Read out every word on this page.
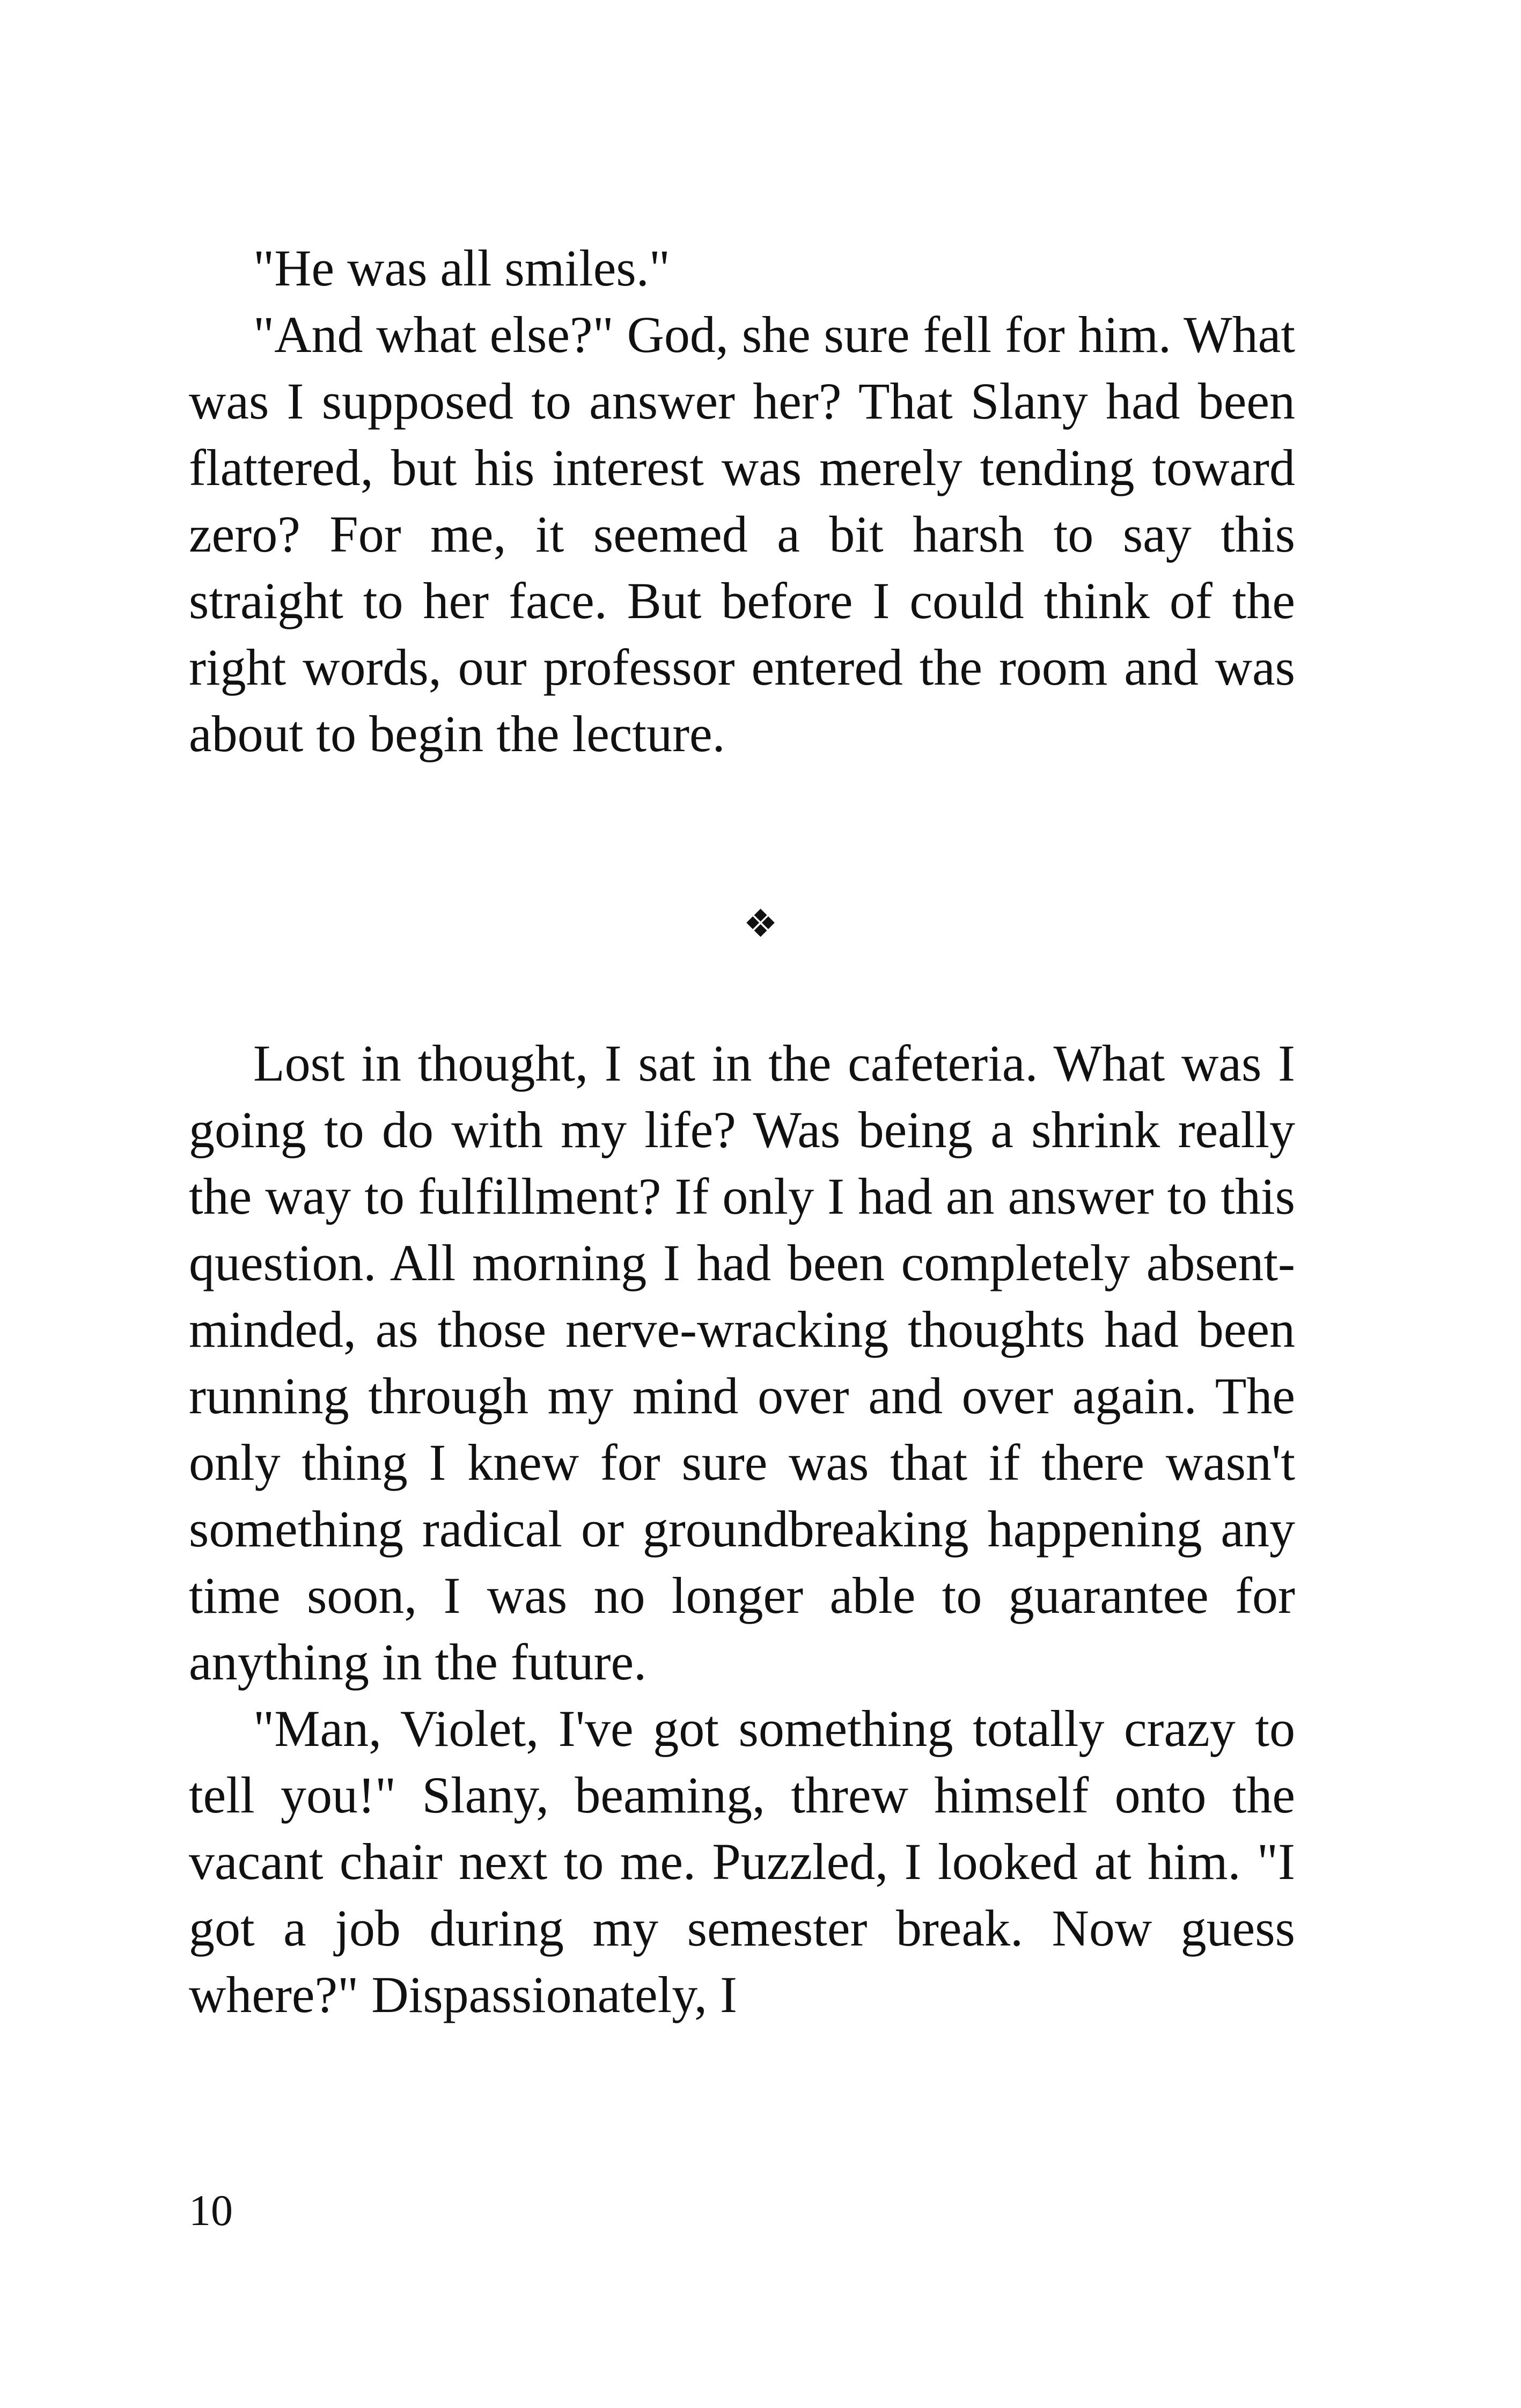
"He was all smiles."

"And what else?" God, she sure fell for him. What was I supposed to answer her? That Slany had been flattered, but his interest was merely tending toward zero? For me, it seemed a bit harsh to say this straight to her face. But before I could think of the right words, our professor entered the room and was about to begin the lecture.

❖

Lost in thought, I sat in the cafeteria. What was I going to do with my life? Was being a shrink really the way to fulfillment? If only I had an answer to this question. All morning I had been completely absent-minded, as those nerve-wracking thoughts had been running through my mind over and over again. The only thing I knew for sure was that if there wasn't something radical or groundbreaking happening any time soon, I was no longer able to guarantee for anything in the future.

"Man, Violet, I've got something totally crazy to tell you!" Slany, beaming, threw himself onto the vacant chair next to me. Puzzled, I looked at him. "I got a job during my semester break. Now guess where?" Dispassionately, I

10
